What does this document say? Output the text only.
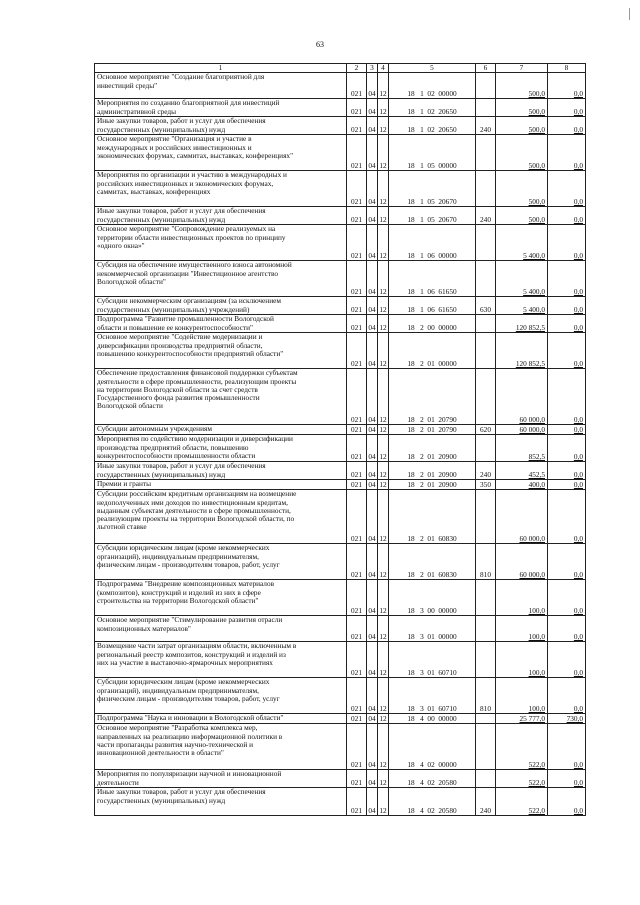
63
1	2	3	4	5	6	7	8

Основное мероприятие "Создание благоприятной для
инвестиций среды"	021	04	12	18   1  02  00000		500,0	0,0

Мероприятия по созданию благоприятной для инвестиций
административной среды	021	04	12	18   1  02  20650		500,0	0,0

Иные закупки товаров, работ и услуг для обеспечения
государственных (муниципальных) нужд	021	04	12	18   1  02  20650	240	500,0	0,0

Основное мероприятие "Организация и участие в
международных и российских инвестиционных и
экономических форумах, саммитах, выставках, конференциях"	021	04	12	18   1  05  00000		500,0	0,0

Мероприятия по организации и участию в международных и
российских инвестиционных и экономических форумах,
саммитах, выставках, конференциях	021	04	12	18   1  05  20670		500,0	0,0

Иные закупки товаров, работ и услуг для обеспечения
государственных (муниципальных) нужд	021	04	12	18   1  05  20670	240	500,0	0,0

Основное мероприятие "Сопровождение реализуемых на
территории области инвестиционных проектов по принципу
«одного окна»"	021	04	12	18   1  06  00000		5 400,0	0,0

Субсидия на обеспечение имущественного взноса автономной
некоммерческой организации "Инвестиционное агентство
Вологодской области"	021	04	12	18   1  06  61650		5 400,0	0,0

Субсидии некоммерческим организациям (за исключением
государственных (муниципальных) учреждений)	021	04	12	18   1  06  61650	630	5 400,0	0,0

Подпрограмма "Развитие промышленности Вологодской
области и повышение ее конкурентоспособности"	021	04	12	18   2  00  00000		120 852,5	0,0

Основное мероприятие "Содействие модернизации и
диверсификации производства предприятий области,
повышению конкурентоспособности предприятий области"	021	04	12	18   2  01  00000		120 852,5	0,0

Обеспечение предоставления финансовой поддержки субъектам
деятельности в сфере промышленности, реализующим проекты
на территории Вологодской области за счет средств
Государственного фонда развития промышленности
Вологодской области	021	04	12	18   2  01  20790		60 000,0	0,0

Субсидии автономным учреждениям	021	04	12	18   2  01  20790	620	60 000,0	0,0

Мероприятия по содействию модернизации и диверсификации
производства предприятий области, повышению
конкурентоспособности промышленности области	021	04	12	18   2  01  20900		852,5	0,0

Иные закупки товаров, работ и услуг для обеспечения
государственных (муниципальных) нужд	021	04	12	18   2  01  20900	240	452,5	0,0

Премии и гранты	021	04	12	18   2  01  20900	350	400,0	0,0

Субсидии российским кредитным организациям на возмещение
недополученных ими доходов по инвестиционным кредитам,
выданным субъектам деятельности в сфере промышленности,
реализующим проекты на территории Вологодской области, по
льготной ставке	021	04	12	18   2  01  60830		60 000,0	0,0

Субсидии юридическим лицам (кроме некоммерческих
организаций), индивидуальным предпринимателям,
физическим лицам - производителям товаров, работ, услуг	021	04	12	18   2  01  60830	810	60 000,0	0,0

Подпрограмма "Внедрение композиционных материалов
(композитов), конструкций и изделий из них в сфере
строительства на территории Вологодской области"	021	04	12	18   3  00  00000		100,0	0,0

Основное мероприятие "Стимулирование развития отрасли
композиционных материалов"	021	04	12	18   3  01  00000		100,0	0,0

Возмещение части затрат организациям области, включенным в
региональный реестр композитов, конструкций и изделий из
них на участие в выставочно-ярмарочных мероприятиях	021	04	12	18   3  01  60710		100,0	0,0

Субсидии юридическим лицам (кроме некоммерческих
организаций), индивидуальным предпринимателям,
физическим лицам - производителям товаров, работ, услуг	021	04	12	18   3  01  60710	810	100,0	0,0

Подпрограмма "Наука и инновации в Вологодской области"	021	04	12	18   4  00  00000		25 777,0	730,0

Основное мероприятие "Разработка комплекса мер,
направленных на реализацию информационной политики в
части пропаганды развития научно-технической и
инновационной деятельности в области"	021	04	12	18   4  02  00000		522,0	0,0

Мероприятия по популяризации научной и инновационной
деятельности	021	04	12	18   4  02  20580		522,0	0,0

Иные закупки товаров, работ и услуг для обеспечения
государственных (муниципальных) нужд	021	04	12	18   4  02  20580	240	522,0	0,0
